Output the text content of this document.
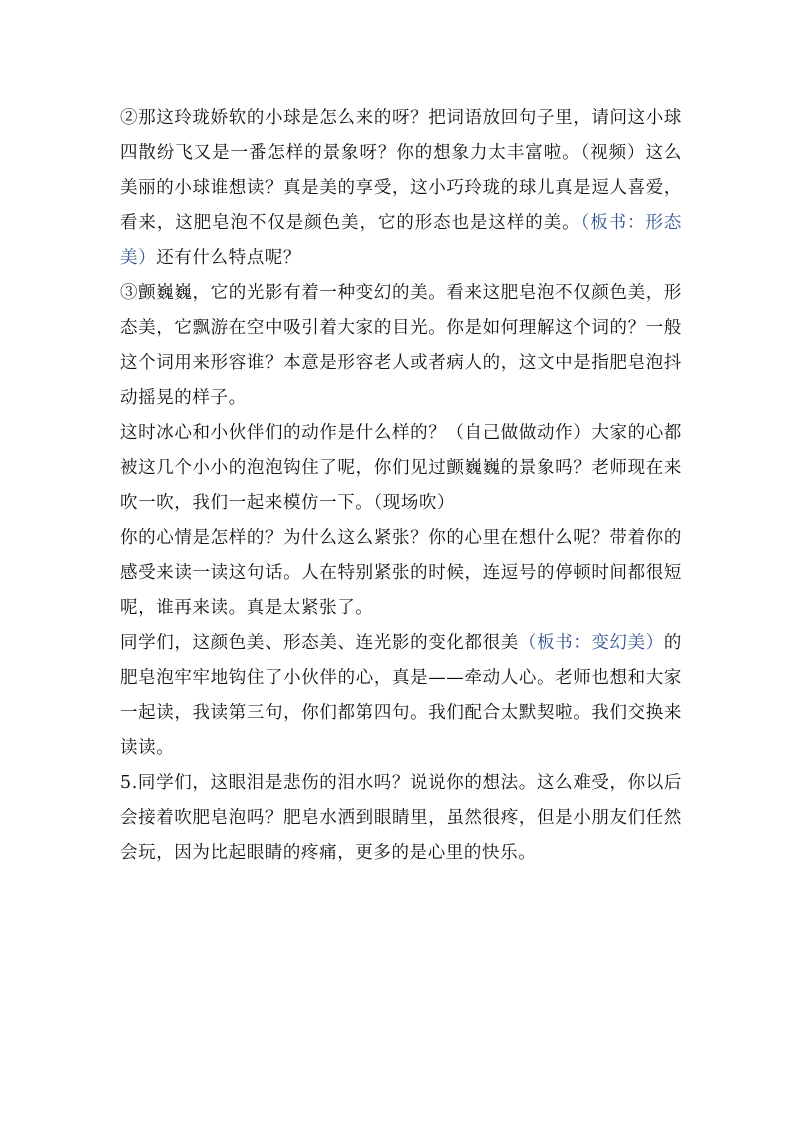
②那这玲珑娇软的小球是怎么来的呀？把词语放回句子里，请问这小球四散纷飞又是一番怎样的景象呀？你的想象力太丰富啦。（视频）这么美丽的小球谁想读？真是美的享受，这小巧玲珑的球儿真是逗人喜爱，看来，这肥皂泡不仅是颜色美，它的形态也是这样的美。（板书：形态美）还有什么特点呢？

③颤巍巍，它的光影有着一种变幻的美。看来这肥皂泡不仅颜色美，形态美，它飘游在空中吸引着大家的目光。你是如何理解这个词的？一般这个词用来形容谁？本意是形容老人或者病人的，这文中是指肥皂泡抖动摇晃的样子。

这时冰心和小伙伴们的动作是什么样的？（自己做做动作）大家的心都被这几个小小的泡泡钩住了呢，你们见过颤巍巍的景象吗？老师现在来吹一吹，我们一起来模仿一下。（现场吹）

你的心情是怎样的？为什么这么紧张？你的心里在想什么呢？带着你的感受来读一读这句话。人在特别紧张的时候，连逗号的停顿时间都很短呢，谁再来读。真是太紧张了。

同学们，这颜色美、形态美、连光影的变化都很美（板书：变幻美）的肥皂泡牢牢地钩住了小伙伴的心，真是——牵动人心。老师也想和大家一起读，我读第三句，你们都第四句。我们配合太默契啦。我们交换来读读。

5.同学们，这眼泪是悲伤的泪水吗？说说你的想法。这么难受，你以后会接着吹肥皂泡吗？肥皂水洒到眼睛里，虽然很疼，但是小朋友们任然会玩，因为比起眼睛的疼痛，更多的是心里的快乐。
